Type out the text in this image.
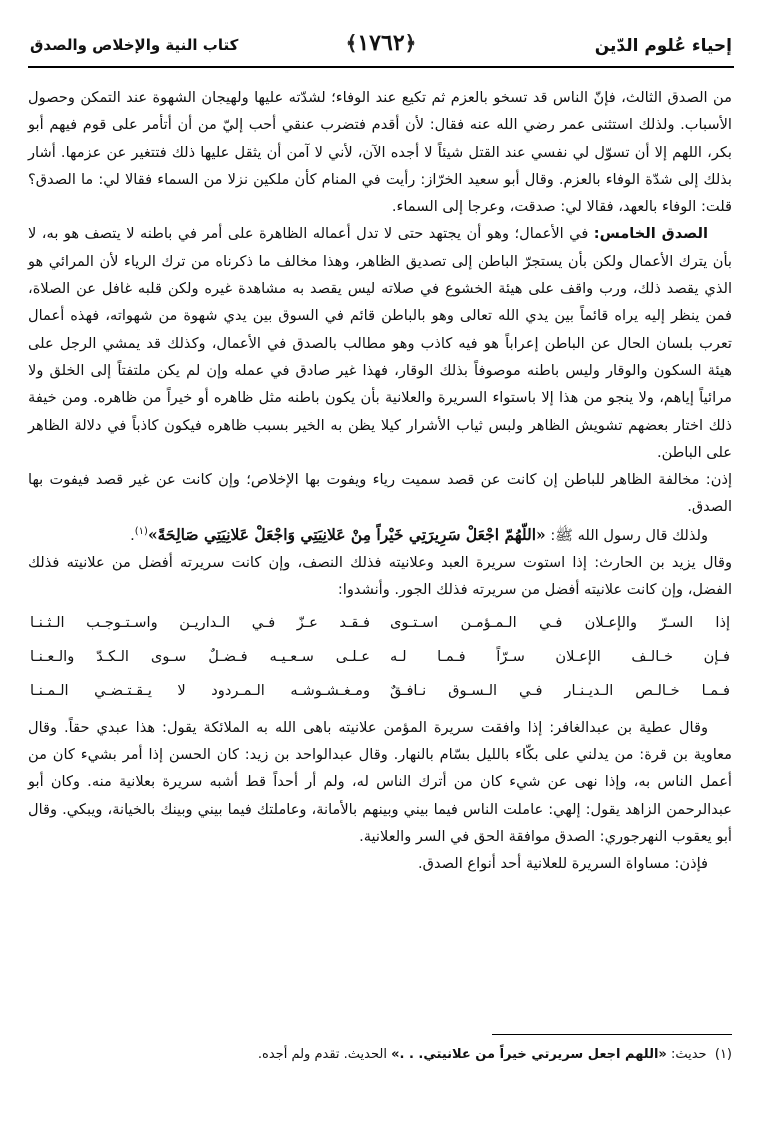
إحياء عُلوم الدّين
﴿١٧٦٢﴾
كتاب النية والإخلاص والصدق

من الصدق الثالث، فإنّ الناس قد تسخو بالعزم ثم تكيع عند الوفاء؛ لشدّته عليها ولهيجان الشهوة عند التمكن وحصول الأسباب. ولذلك استثنى عمر رضي الله عنه فقال: لأن أقدم فتضرب عنقي أحب إليّ من أن أتأمر على قوم فيهم أبو بكر، اللهم إلا أن تسوّل لي نفسي عند القتل شيئاً لا أجده الآن، لأني لا آمن أن يثقل عليها ذلك فتتغير عن عزمها. أشار بذلك إلى شدّة الوفاء بالعزم. وقال أبو سعيد الخرّاز: رأيت في المنام كأن ملكين نزلا من السماء فقالا لي: ما الصدق؟ قلت: الوفاء بالعهد، فقالا لي: صدقت، وعرجا إلى السماء.

الصدق الخامس: في الأعمال؛ وهو أن يجتهد حتى لا تدل أعماله الظاهرة على أمر في باطنه لا يتصف هو به، لا بأن يترك الأعمال ولكن بأن يستجرّ الباطن إلى تصديق الظاهر، وهذا مخالف ما ذكرناه من ترك الرياء لأن المرائي هو الذي يقصد ذلك، ورب واقف على هيئة الخشوع في صلاته ليس يقصد به مشاهدة غيره ولكن قلبه غافل عن الصلاة، فمن ينظر إليه يراه قائماً بين يدي الله تعالى وهو بالباطن قائم في السوق بين يدي شهوة من شهواته، فهذه أعمال تعرب بلسان الحال عن الباطن إعراباً هو فيه كاذب وهو مطالب بالصدق في الأعمال، وكذلك قد يمشي الرجل على هيئة السكون والوقار وليس باطنه موصوفاً بذلك الوقار، فهذا غير صادق في عمله وإن لم يكن ملتفتاً إلى الخلق ولا مرائياً إياهم، ولا ينجو من هذا إلا باستواء السريرة والعلانية بأن يكون باطنه مثل ظاهره أو خيراً من ظاهره. ومن خيفة ذلك اختار بعضهم تشويش الظاهر ولبس ثياب الأشرار كيلا يظن به الخير بسبب ظاهره فيكون كاذباً في دلالة الظاهر على الباطن.

إذن: مخالفة الظاهر للباطن إن كانت عن قصد سميت رياء ويفوت بها الإخلاص؛ وإن كانت عن غير قصد فيفوت بها الصدق.

ولذلك قال رسول الله ﷺ: «اللّهُمّ اجْعَلْ سَرِيرَتِي خَيْراً مِنْ عَلانِيَتِي وَاجْعَلْ عَلانِيَتِي صَالِحَةً»$^{(١)}$.

وقال يزيد بن الحارث: إذا استوت سريرة العبد وعلانيته فذلك النصف، وإن كانت سريرته أفضل من علانيته فذلك الفضل، وإن كانت علانيته أفضل من سريرته فذلك الجور. وأنشدوا:

إذا السـرّ والإعـلان فـي الـمـؤمـن اسـتـوى
فـقـد عـزّ فـي الـداريـن واسـتـوجـب الـثـنـا
فـإن خـالـف الإعـلان سـرّاً فـمـا لـه
عـلـى سـعـيـه فـضـلٌ سـوى الـكـدّ والـعـنـا
فـمـا خـالـص الـديـنـار فـي الـسـوق نـافـقٌ
ومـغـشـوشـه الـمـردود لا يـقـتـضـي الـمـنـا

وقال عطية بن عبدالغافر: إذا وافقت سريرة المؤمن علانيته باهى الله به الملائكة يقول: هذا عبدي حقاً. وقال معاوية بن قرة: من يدلني على بكّاء بالليل بسّام بالنهار. وقال عبدالواحد بن زيد: كان الحسن إذا أمر بشيء كان من أعمل الناس به، وإذا نهى عن شيء كان من أترك الناس له، ولم أر أحداً قط أشبه سريرة بعلانية منه. وكان أبو عبدالرحمن الزاهد يقول: إلهي: عاملت الناس فيما بيني وبينهم بالأمانة، وعاملتك فيما بيني وبينك بالخيانة، ويبكي. وقال أبو يعقوب النهرجوري: الصدق موافقة الحق في السر والعلانية.

فإذن: مساواة السريرة للعلانية أحد أنواع الصدق.

(١)  حديث: «اللهم اجعل سريرتي خيراً من علانيتي. . .» الحديث. تقدم ولم أجده.
